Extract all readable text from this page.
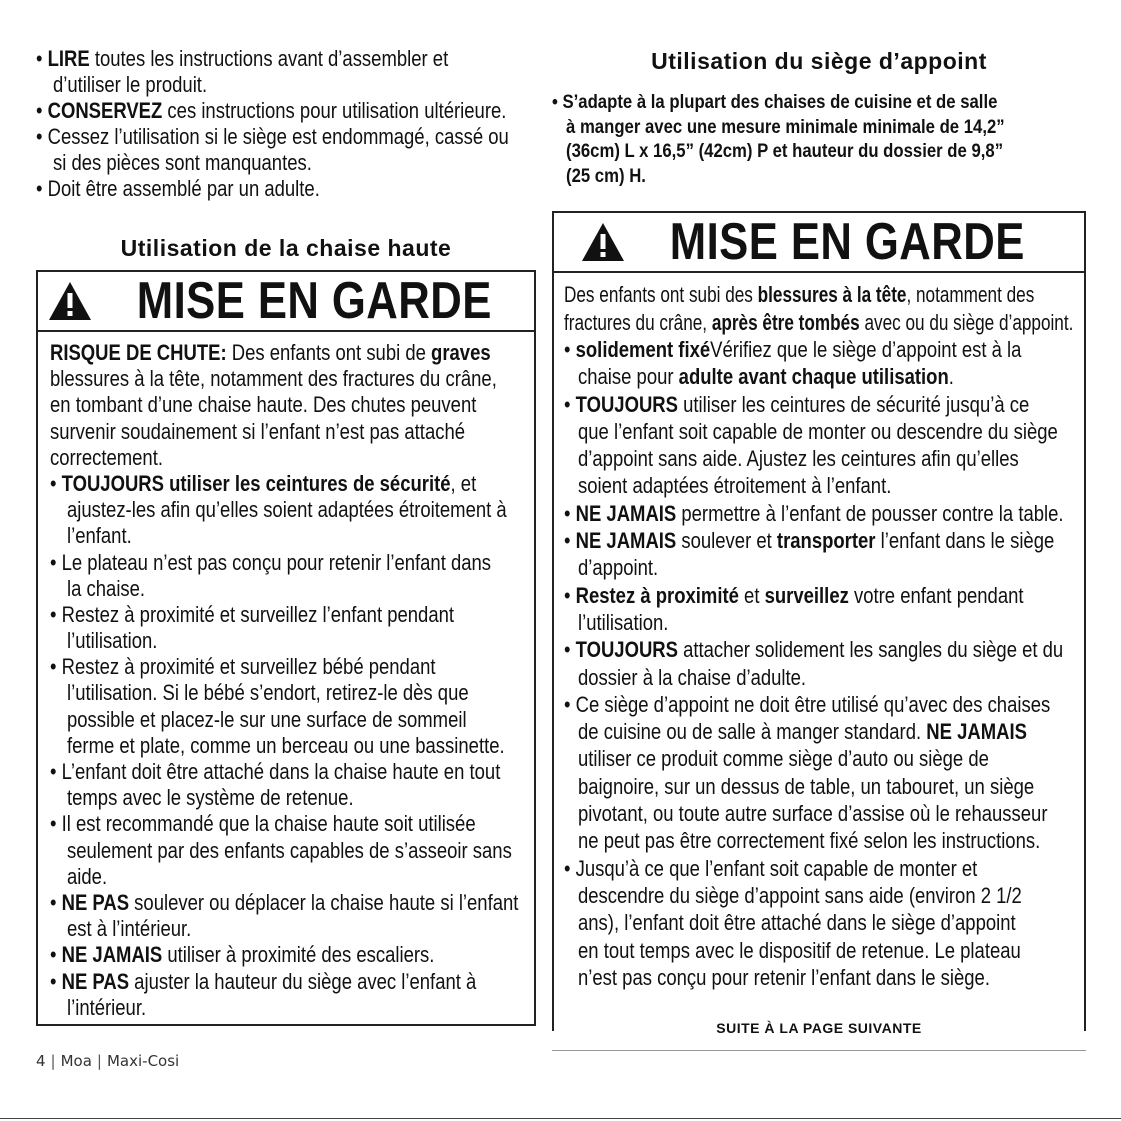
• LIRE toutes les instructions avant d’assembler et
d’utiliser le produit.
• CONSERVEZ ces instructions pour utilisation ultérieure.
• Cessez l’utilisation si le siège est endommagé, cassé ou
si des pièces sont manquantes.
• Doit être assemblé par un adulte.
Utilisation de la chaise haute
MISE EN GARDE
RISQUE DE CHUTE: Des enfants ont subi de graves
blessures à la tête, notamment des fractures du crâne,
en tombant d’une chaise haute. Des chutes peuvent
survenir soudainement si l’enfant n’est pas attaché
correctement.
• TOUJOURS utiliser les ceintures de sécurité, et
ajustez-les afin qu’elles soient adaptées étroitement à
l’enfant.
• Le plateau n’est pas conçu pour retenir l’enfant dans
la chaise.
• Restez à proximité et surveillez l’enfant pendant
l’utilisation.
• Restez à proximité et surveillez bébé pendant
l’utilisation. Si le bébé s’endort, retirez-le dès que
possible et placez-le sur une surface de sommeil
ferme et plate, comme un berceau ou une bassinette.
• L’enfant doit être attaché dans la chaise haute en tout
temps avec le système de retenue.
• Il est recommandé que la chaise haute soit utilisée
seulement par des enfants capables de s’asseoir sans
aide.
• NE PAS soulever ou déplacer la chaise haute si l’enfant
est à l’intérieur.
• NE JAMAIS utiliser à proximité des escaliers.
• NE PAS ajuster la hauteur du siège avec l’enfant à
l’intérieur.
Utilisation du siège d’appoint
• S’adapte à la plupart des chaises de cuisine et de salle
à manger avec une mesure minimale minimale de 14,2”
(36cm) L x 16,5” (42cm) P et hauteur du dossier de 9,8”
(25 cm) H.
MISE EN GARDE
Des enfants ont subi des blessures à la tête, notamment des
fractures du crâne, après être tombés avec ou du siège d’appoint.
• solidement fixéVérifiez que le siège d’appoint est à la
chaise pour adulte avant chaque utilisation.
• TOUJOURS utiliser les ceintures de sécurité jusqu’à ce
que l’enfant soit capable de monter ou descendre du siège
d’appoint sans aide. Ajustez les ceintures afin qu’elles
soient adaptées étroitement à l’enfant.
• NE JAMAIS permettre à l’enfant de pousser contre la table.
• NE JAMAIS soulever et transporter l’enfant dans le siège
d’appoint.
• Restez à proximité et surveillez votre enfant pendant
l’utilisation.
• TOUJOURS attacher solidement les sangles du siège et du
dossier à la chaise d’adulte.
• Ce siège d’appoint ne doit être utilisé qu’avec des chaises
de cuisine ou de salle à manger standard. NE JAMAIS
utiliser ce produit comme siège d’auto ou siège de
baignoire, sur un dessus de table, un tabouret, un siège
pivotant, ou toute autre surface d’assise où le rehausseur
ne peut pas être correctement fixé selon les instructions.
• Jusqu’à ce que l’enfant soit capable de monter et
descendre du siège d’appoint sans aide (environ 2 1/2
ans), l’enfant doit être attaché dans le siège d’appoint
en tout temps avec le dispositif de retenue. Le plateau
n’est pas conçu pour retenir l’enfant dans le siège.
SUITE À LA PAGE SUIVANTE
4 | Moa | Maxi-Cosi
